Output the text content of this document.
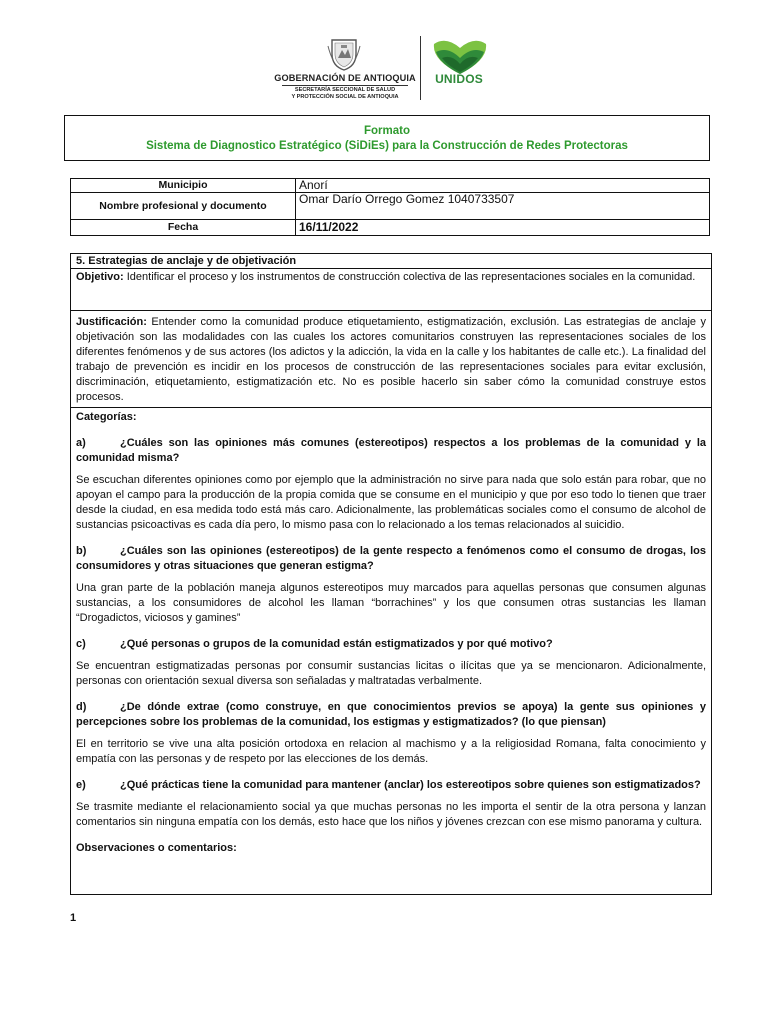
GOBERNACIÓN DE ANTIOQUIA
SECRETARÍA SECCIONAL DE SALUD
Y PROTECCIÓN SOCIAL DE ANTIOQUIA
UNIDOS
Formato
Sistema de Diagnostico Estratégico (SiDiEs) para la Construcción de Redes Protectoras
Municipio	Anorí
Nombre profesional y documento	Omar Darío Orrego Gomez 1040733507
Fecha	16/11/2022
5. Estrategias de anclaje y de objetivación
Objetivo: Identificar el proceso y los instrumentos de construcción colectiva de las representaciones sociales en la comunidad.
Justificación: Entender como la comunidad produce etiquetamiento, estigmatización, exclusión. Las estrategias de anclaje y objetivación son las modalidades con las cuales los actores comunitarios construyen las representaciones sociales de los diferentes fenómenos y de sus actores (los adictos y la adicción, la vida en la calle y los habitantes de calle etc.). La finalidad del trabajo de prevención es incidir en los procesos de construcción de las representaciones sociales para evitar exclusión, discriminación, etiquetamiento, estigmatización etc. No es posible hacerlo sin saber cómo la comunidad construye estos procesos.
Categorías:
a)	¿Cuáles son las opiniones más comunes (estereotipos) respectos a los problemas de la comunidad y la comunidad misma?
Se escuchan diferentes opiniones como por ejemplo que la administración no sirve para nada que solo están para robar, que no apoyan el campo para la producción de la propia comida que se consume en el municipio y que por eso todo lo tienen que traer desde la ciudad, en esa medida todo está más caro. Adicionalmente, las problemáticas sociales como el consumo de alcohol de sustancias psicoactivas es cada día pero, lo mismo pasa con lo relacionado a los temas relacionados al suicidio.
b)	¿Cuáles son las opiniones (estereotipos) de la gente respecto a fenómenos como el consumo de drogas, los consumidores y otras situaciones que generan estigma?
Una gran parte de la población maneja algunos estereotipos muy marcados para aquellas personas que consumen algunas sustancias, a los consumidores de alcohol les llaman “borrachines” y los que consumen otras sustancias les llaman “Drogadictos, viciosos y gamines”
c)	¿Qué personas o grupos de la comunidad están estigmatizados y por qué motivo?
Se encuentran estigmatizadas personas por consumir sustancias licitas o ilícitas que ya se mencionaron. Adicionalmente, personas con orientación sexual diversa son señaladas y maltratadas verbalmente.
d)	¿De dónde extrae (como construye, en que conocimientos previos se apoya) la gente sus opiniones y percepciones sobre los problemas de la comunidad, los estigmas y estigmatizados? (lo que piensan)
El en territorio se vive una alta posición ortodoxa en relacion al machismo y a la religiosidad Romana, falta conocimiento y empatía con las personas y de respeto por las elecciones de los demás.
e)	¿Qué prácticas tiene la comunidad para mantener (anclar) los estereotipos sobre quienes son estigmatizados?
Se trasmite mediante el relacionamiento social ya que muchas personas no les importa el sentir de la otra persona y lanzan comentarios sin ninguna empatía con los demás, esto hace que los niños y jóvenes crezcan con ese mismo panorama y cultura.
Observaciones o comentarios:
1
